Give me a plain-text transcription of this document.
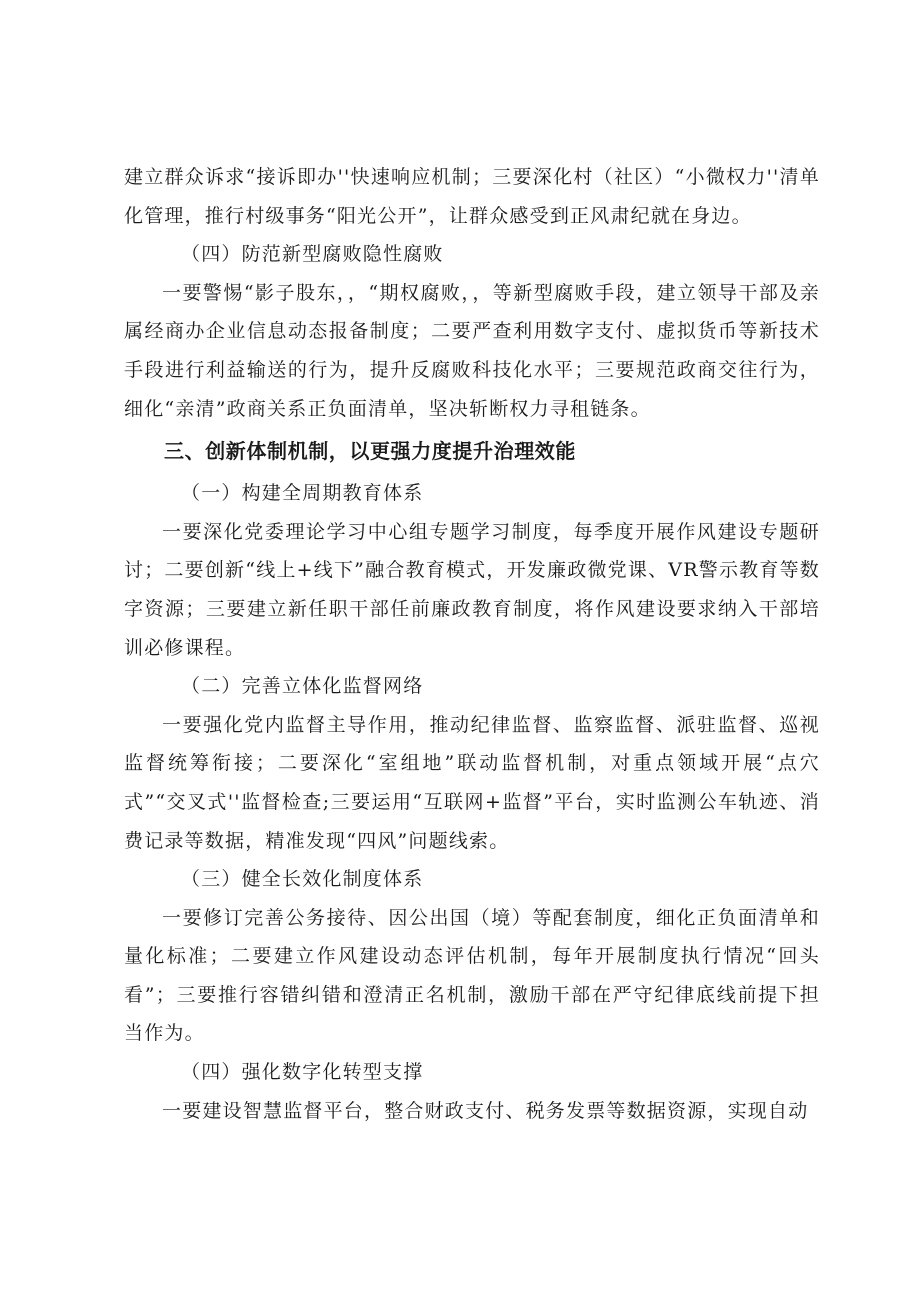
建立群众诉求“接诉即办''快速响应机制；三要深化村（社区）“小微权力''清单化管理，推行村级事务“阳光公开”，让群众感受到正风肃纪就在身边。

（四）防范新型腐败隐性腐败

一要警惕“影子股东，，“期权腐败，，等新型腐败手段，建立领导干部及亲属经商办企业信息动态报备制度；二要严查利用数字支付、虚拟货币等新技术手段进行利益输送的行为，提升反腐败科技化水平；三要规范政商交往行为，细化“亲清”政商关系正负面清单，坚决斩断权力寻租链条。

三、创新体制机制，以更强力度提升治理效能

（一）构建全周期教育体系

一要深化党委理论学习中心组专题学习制度，每季度开展作风建设专题研讨；二要创新“线上+线下”融合教育模式，开发廉政微党课、VR警示教育等数字资源；三要建立新任职干部任前廉政教育制度，将作风建设要求纳入干部培训必修课程。

（二）完善立体化监督网络

一要强化党内监督主导作用，推动纪律监督、监察监督、派驻监督、巡视监督统筹衔接；二要深化“室组地”联动监督机制，对重点领域开展“点穴式”“交叉式''监督检查;三要运用“互联网+监督”平台，实时监测公车轨迹、消费记录等数据，精准发现“四风”问题线索。

（三）健全长效化制度体系

一要修订完善公务接待、因公出国（境）等配套制度，细化正负面清单和量化标准；二要建立作风建设动态评估机制，每年开展制度执行情况“回头看”；三要推行容错纠错和澄清正名机制，激励干部在严守纪律底线前提下担当作为。

（四）强化数字化转型支撑

一要建设智慧监督平台，整合财政支付、税务发票等数据资源，实现自动
